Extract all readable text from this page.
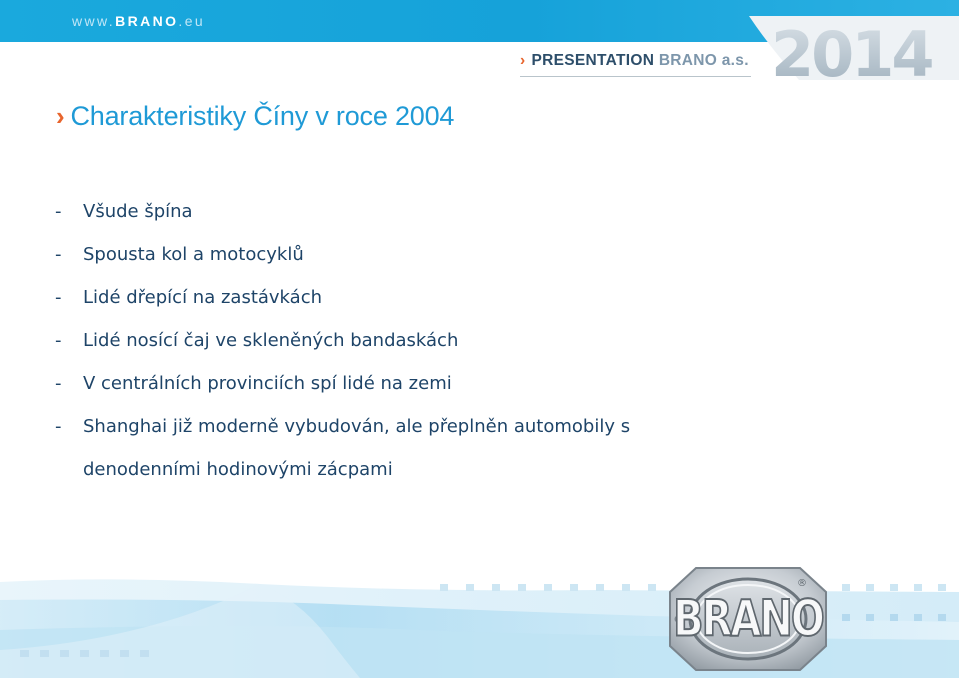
www.BRANO.eu	2014
› PRESENTATION BRANO a.s.
› Charakteristiky Číny v roce 2004
- Všude špína
- Spousta kol a motocyklů
- Lidé dřepící na zastávkách
- Lidé nosící čaj ve skleněných bandaskách
- V centrálních provinciích spí lidé na zemi
- Shanghai již moderně vybudován, ale přeplněn automobily s denodenními hodinovými zácpami
BRANO
®
